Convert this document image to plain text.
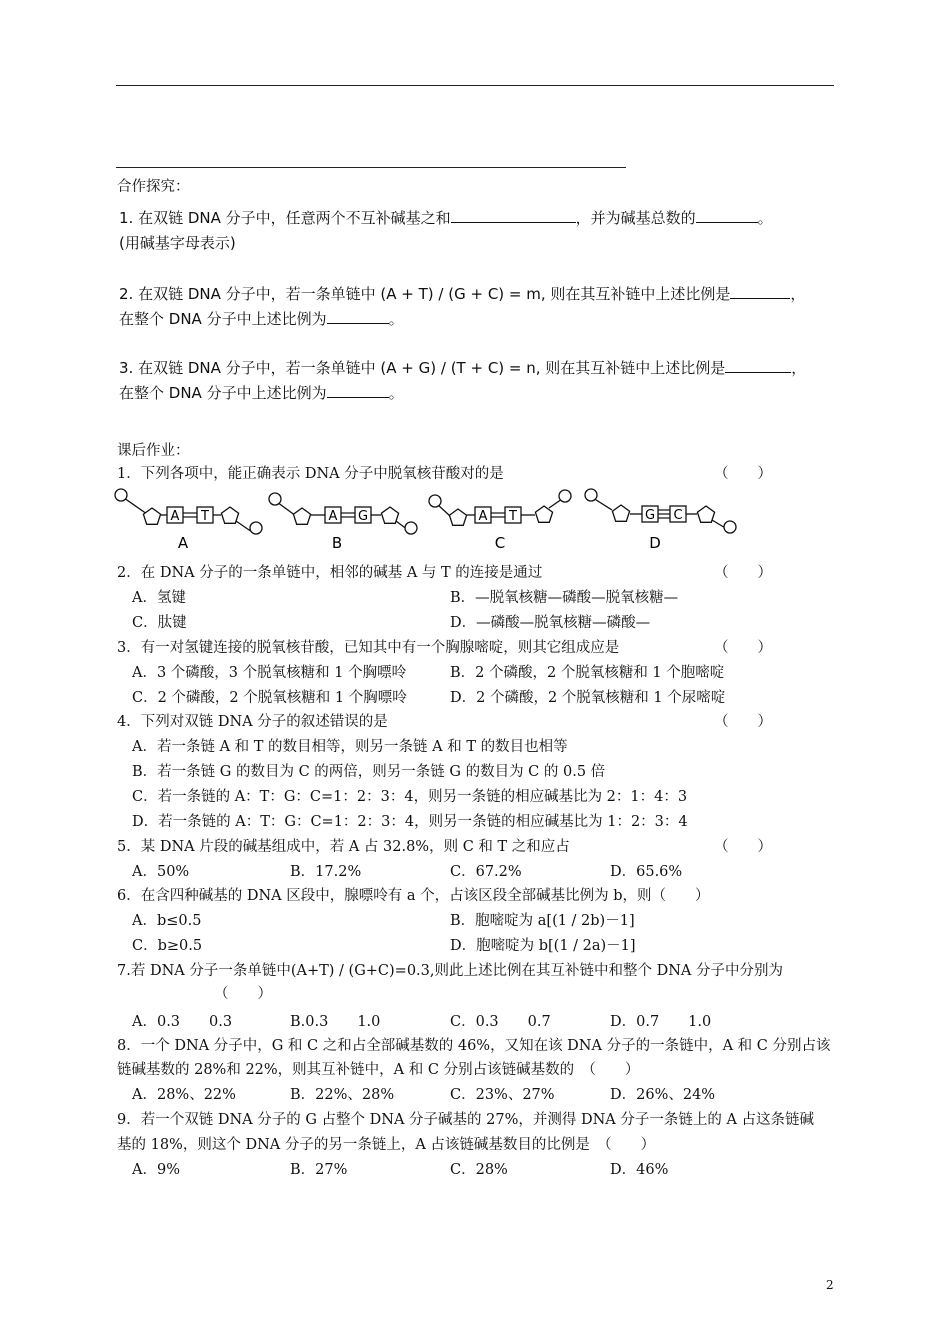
合作探究：
1. 在双链 DNA 分子中，任意两个不互补碱基之和	，并为碱基总数的	。
(用碱基字母表示)
2. 在双链 DNA 分子中，若一条单链中 (A + T) / (G + C) = m, 则在其互补链中上述比例是	，
在整个 DNA 分子中上述比例为	。
3. 在双链 DNA 分子中，若一条单链中 (A + G) / (T + C) = n, 则在其互补链中上述比例是	，
在整个 DNA 分子中上述比例为	。
课后作业：
1．下列各项中，能正确表示 DNA 分子中脱氧核苷酸对的是	（　　）
A T
A
A G
B
A T
C
G C
D
2．在 DNA 分子的一条单链中，相邻的碱基 A 与 T 的连接是通过	（　　）
A．氢键	B．—脱氧核糖—磷酸—脱氧核糖—
C．肽键	D．—磷酸—脱氧核糖—磷酸—
3．有一对氢键连接的脱氧核苷酸，已知其中有一个胸腺嘧啶，则其它组成应是	（　　）
A．3 个磷酸，3 个脱氧核糖和 1 个胸嘌呤	B．2 个磷酸，2 个脱氧核糖和 1 个胞嘧啶
C．2 个磷酸，2 个脱氧核糖和 1 个胸嘌呤	D．2 个磷酸，2 个脱氧核糖和 1 个尿嘧啶
4．下列对双链 DNA 分子的叙述错误的是	（　　）
A．若一条链 A 和 T 的数目相等，则另一条链 A 和 T 的数目也相等
B．若一条链 G 的数目为 C 的两倍，则另一条链 G 的数目为 C 的 0.5 倍
C．若一条链的 A：T：G：C=1：2：3：4，则另一条链的相应碱基比为 2：1：4：3
D．若一条链的 A：T：G：C=1：2：3：4，则另一条链的相应碱基比为 1：2：3：4
5．某 DNA 片段的碱基组成中，若 A 占 32.8%，则 C 和 T 之和应占	（　　）
A．50%	B．17.2%	C．67.2%	D．65.6%
6．在含四种碱基的 DNA 区段中，腺嘌呤有 a 个，占该区段全部碱基比例为 b，则（　　）
A．b≤0.5	B．胞嘧啶为 a[(1 / 2b)－1]
C．b≥0.5	D．胞嘧啶为 b[(1 / 2a)－1]
7.若 DNA 分子一条单链中(A+T) / (G+C)=0.3,则此上述比例在其互补链中和整个 DNA 分子中分别为
（　　）
A．0.3　　0.3	B.0.3　　1.0	C．0.3　　0.7	D．0.7　　1.0
8．一个 DNA 分子中，G 和 C 之和占全部碱基数的 46%，又知在该 DNA 分子的一条链中，A 和 C 分别占该
链碱基数的 28%和 22%，则其互补链中，A 和 C 分别占该链碱基数的　（　　）
A．28%、22%	B．22%、28%	C．23%、27%	D．26%、24%
9．若一个双链 DNA 分子的 G 占整个 DNA 分子碱基的 27%，并测得 DNA 分子一条链上的 A 占这条链碱
基的 18%，则这个 DNA 分子的另一条链上，A 占该链碱基数目的比例是　（　　）
A．9%	B．27%	C．28%	D．46%
2
